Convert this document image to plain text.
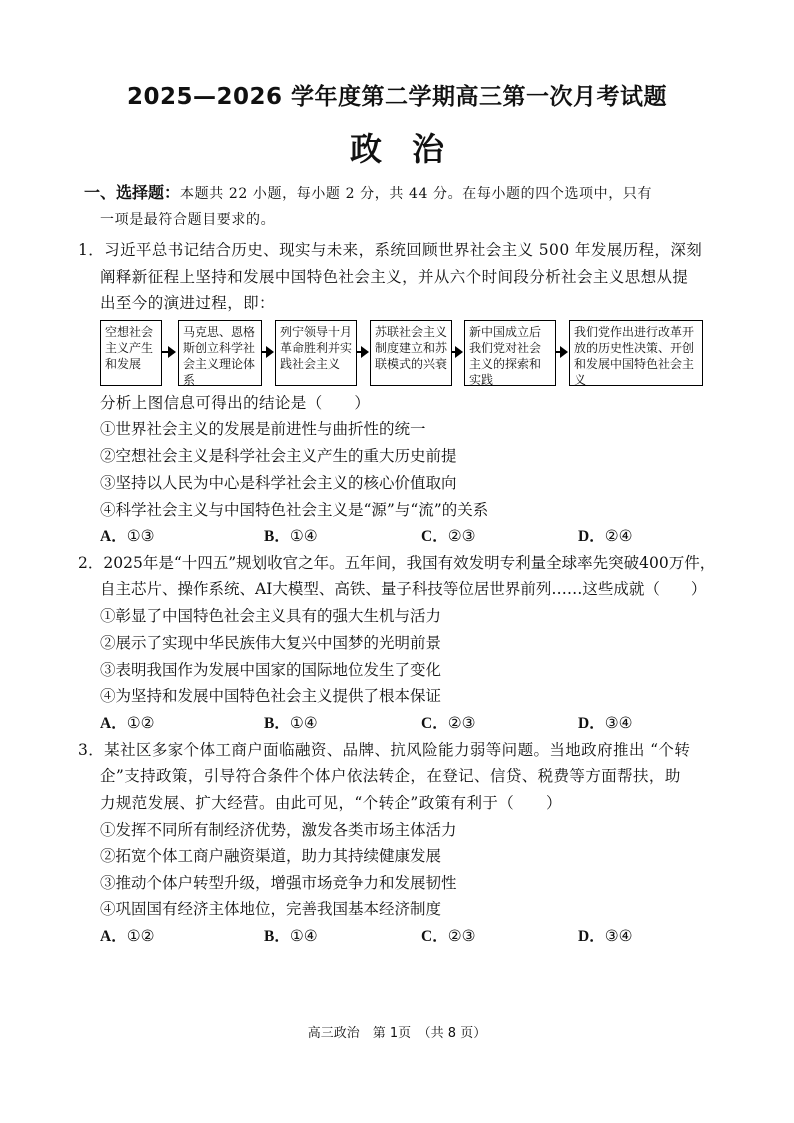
2025—2026 学年度第二学期高三第一次月考试题
政治
一、选择题：本题共 22 小题，每小题 2 分，共 44 分。在每小题的四个选项中，只有
一项是最符合题目要求的。
1．习近平总书记结合历史、现实与未来，系统回顾世界社会主义 500 年发展历程，深刻
阐释新征程上坚持和发展中国特色社会主义，并从六个时间段分析社会主义思想从提
出至今的演进过程，即：
空想社会主义产生和发展
马克思、恩格斯创立科学社会主义理论体系
列宁领导十月革命胜利并实践社会主义
苏联社会主义制度建立和苏联模式的兴衰
新中国成立后我们党对社会主义的探索和实践
我们党作出进行改革开放的历史性决策、开创和发展中国特色社会主义
分析上图信息可得出的结论是（　　）
①世界社会主义的发展是前进性与曲折性的统一
②空想社会主义是科学社会主义产生的重大历史前提
③坚持以人民为中心是科学社会主义的核心价值取向
④科学社会主义与中国特色社会主义是“源”与“流”的关系
A．①③	B．①④	C．②③	D．②④
2．2025年是“十四五”规划收官之年。五年间，我国有效发明专利量全球率先突破400万件，
自主芯片、操作系统、AI大模型、高铁、量子科技等位居世界前列……这些成就（　　）
①彰显了中国特色社会主义具有的强大生机与活力
②展示了实现中华民族伟大复兴中国梦的光明前景
③表明我国作为发展中国家的国际地位发生了变化
④为坚持和发展中国特色社会主义提供了根本保证
A．①②	B．①④	C．②③	D．③④
3．某社区多家个体工商户面临融资、品牌、抗风险能力弱等问题。当地政府推出 “个转
企”支持政策，引导符合条件个体户依法转企，在登记、信贷、税费等方面帮扶，助
力规范发展、扩大经营。由此可见，“个转企”政策有利于（　　）
①发挥不同所有制经济优势，激发各类市场主体活力
②拓宽个体工商户融资渠道，助力其持续健康发展
③推动个体户转型升级，增强市场竞争力和发展韧性
④巩固国有经济主体地位，完善我国基本经济制度
A．①②	B．①④	C．②③	D．③④
高三政治　第 1页　（共 8 页）
